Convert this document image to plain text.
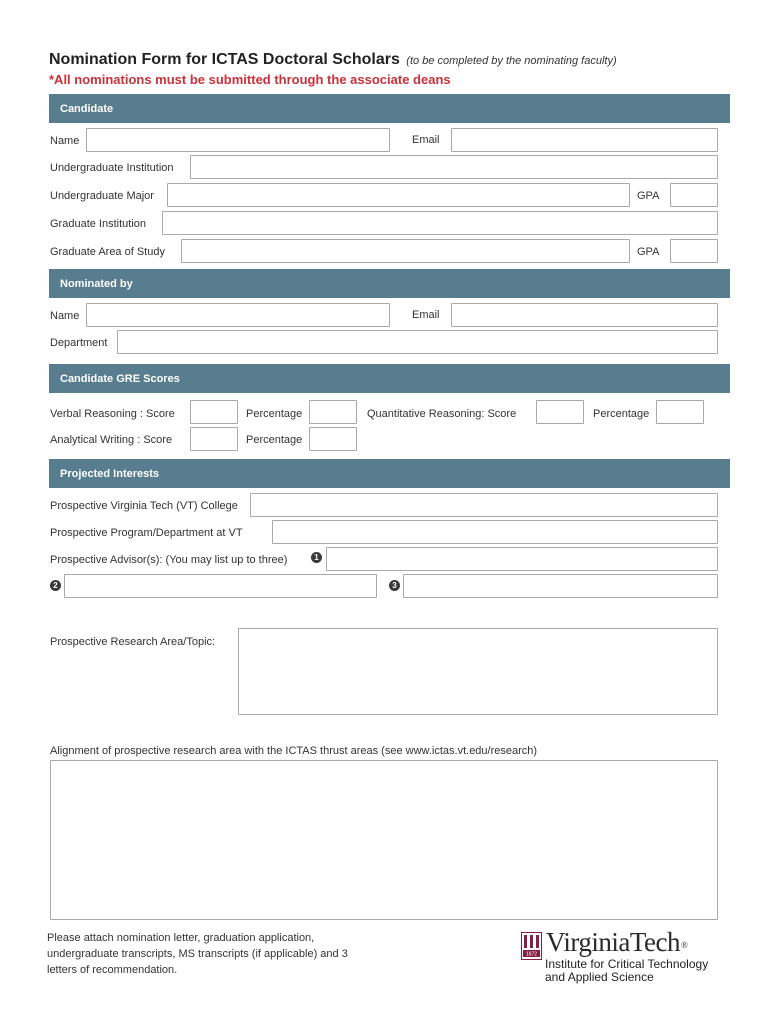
Nomination Form for ICTAS Doctoral Scholars (to be completed by the nominating faculty)
*All nominations must be submitted through the associate deans
Candidate
Name	Email
Undergraduate Institution
Undergraduate Major	GPA
Graduate Institution
Graduate Area of Study	GPA
Nominated by
Name	Email
Department
Candidate GRE Scores
Verbal Reasoning : Score	Percentage	Quantitative Reasoning: Score	Percentage
Analytical Writing : Score	Percentage
Projected Interests
Prospective Virginia Tech (VT) College
Prospective Program/Department at VT
Prospective Advisor(s): (You may list up to three)	1
2	3
Prospective Research Area/Topic:
Alignment of prospective research area with the ICTAS thrust areas (see www.ictas.vt.edu/research)
Please attach nomination letter, graduation application, undergraduate transcripts, MS transcripts (if applicable) and 3 letters of recommendation.
1872 VirginiaTech®
Institute for Critical Technology
and Applied Science
